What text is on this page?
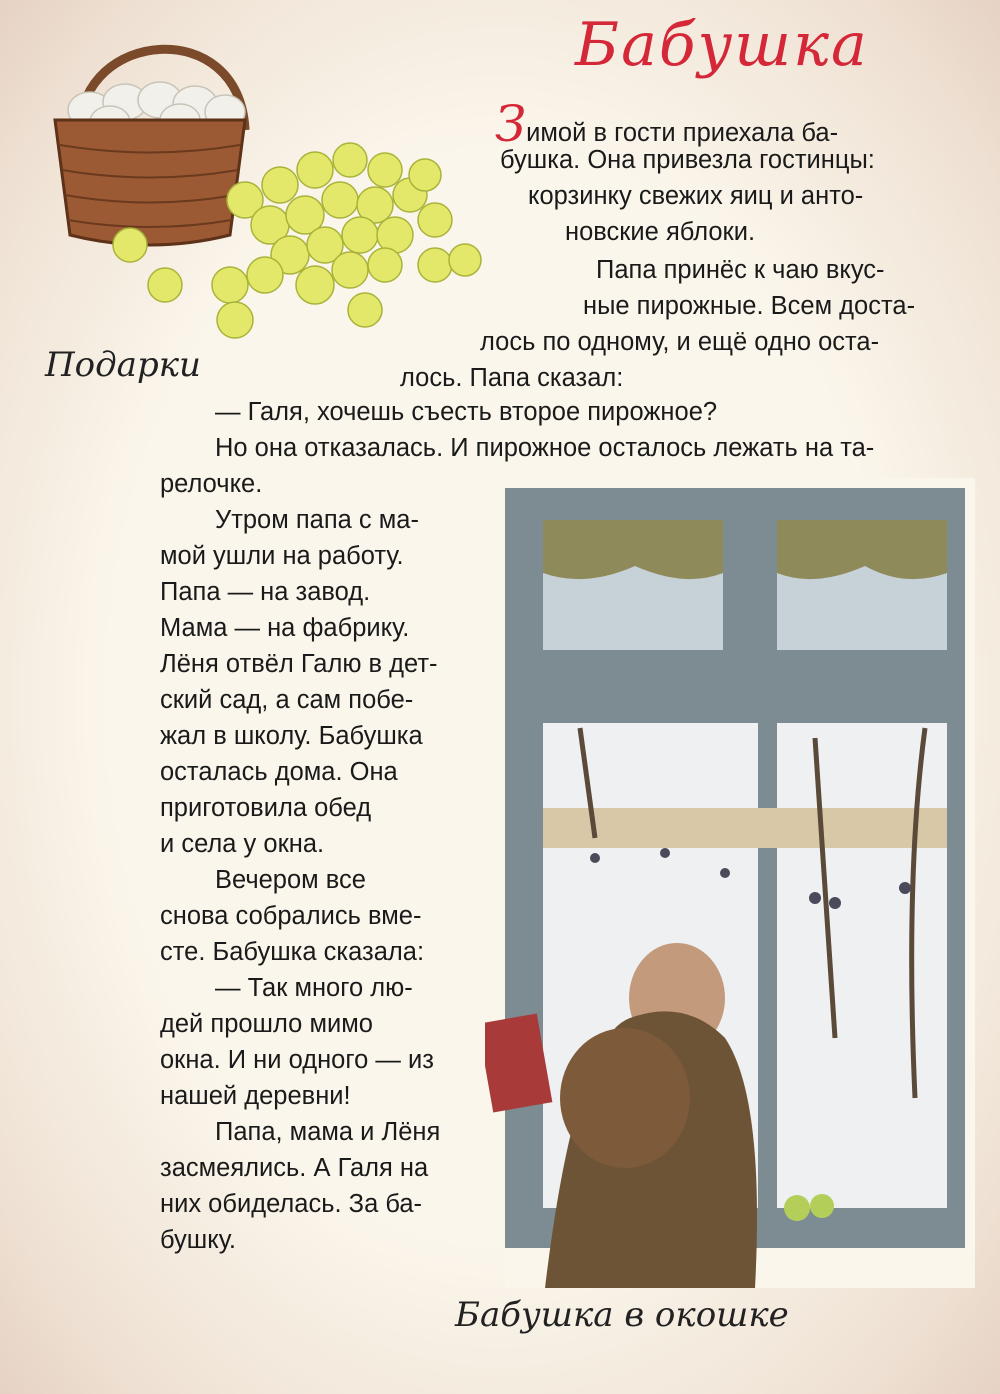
Бабушка
Подарки
Зимой в гости приехала ба-
бушка. Она привезла гостинцы:
корзинку свежих яиц и анто-
новские яблоки.
Папа принёс к чаю вкус-
ные пирожные. Всем доста-
лось по одному, и ещё одно оста-
лось. Папа сказал:
— Галя, хочешь съесть второе пирожное?
Но она отказалась. И пирожное осталось лежать на та-
релочке.
Утром папа с ма-
мой ушли на работу.
Папа — на завод.
Мама — на фабрику.
Лёня отвёл Галю в дет-
ский сад, а сам побе-
жал в школу. Бабушка
осталась дома. Она
приготовила обед
и села у окна.
Вечером все
снова собрались вме-
сте. Бабушка сказала:
— Так много лю-
дей прошло мимо
окна. И ни одного — из
нашей деревни!
Папа, мама и Лёня
засмеялись. А Галя на
них обиделась. За ба-
бушку.
Бабушка в окошке
